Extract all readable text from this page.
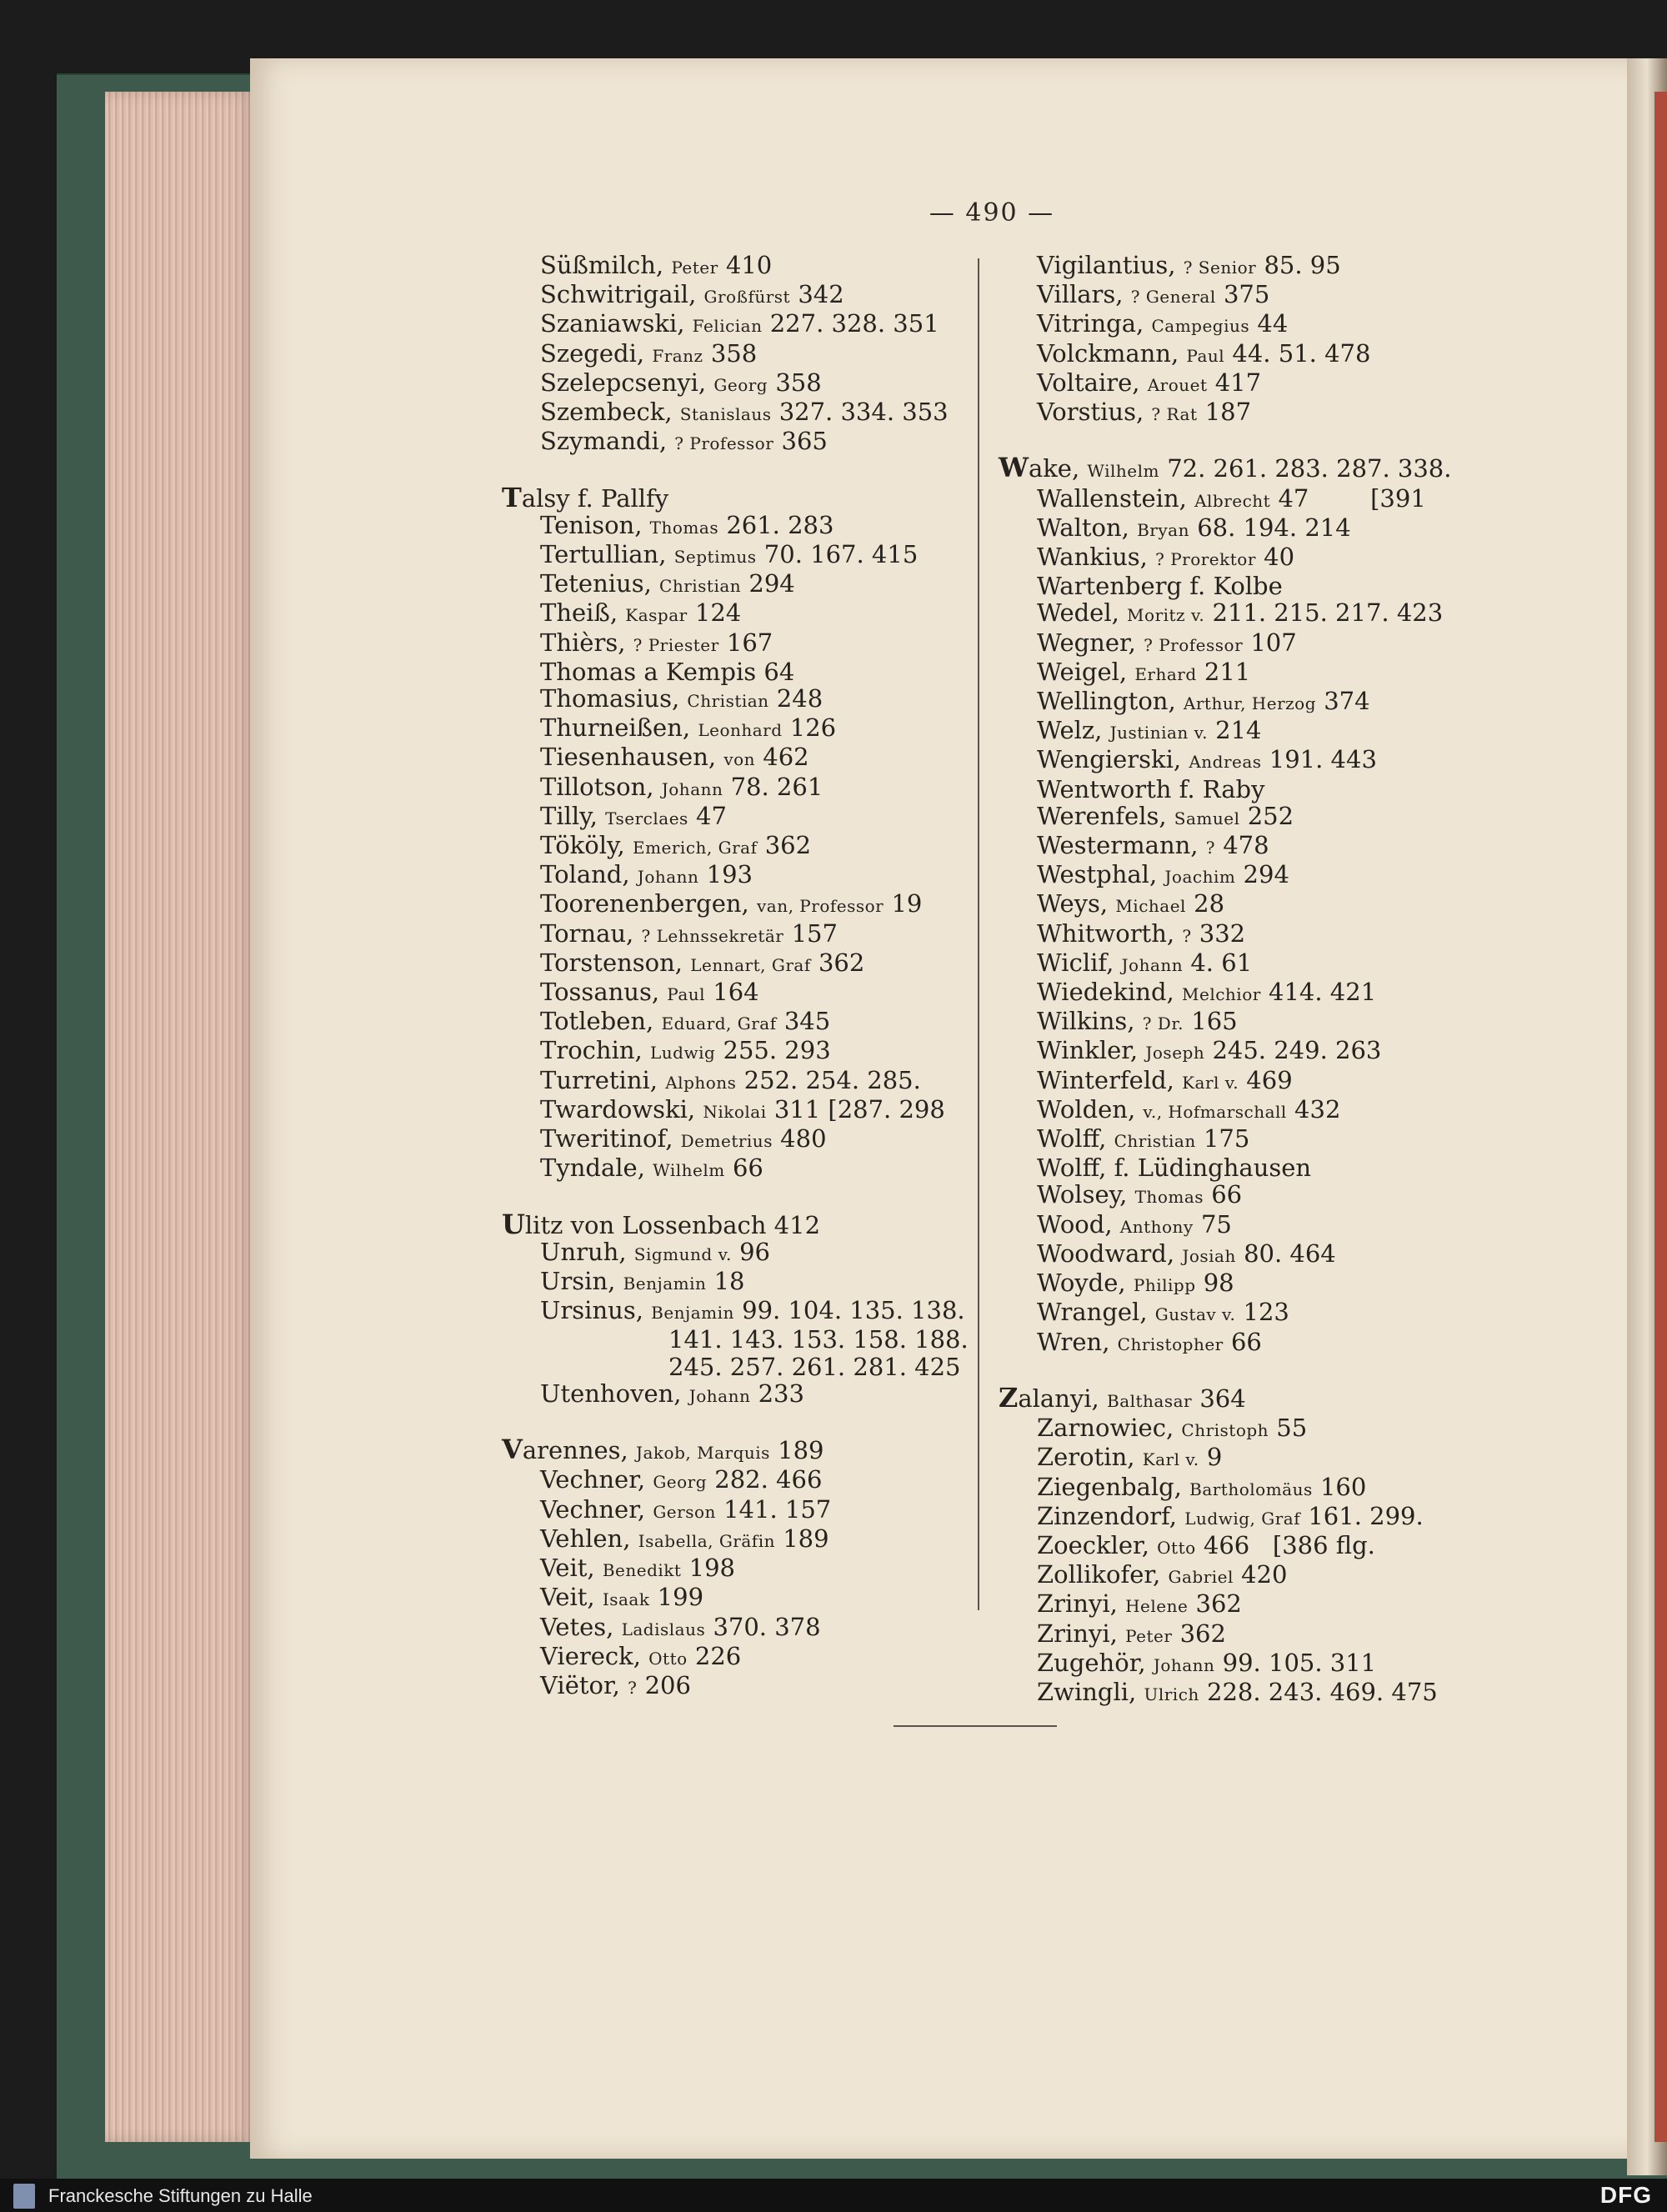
— 490 —
Süßmilch, Peter 410
Schwitrigail, Großfürst 342
Szaniawski, Felician 227. 328. 351
Szegedi, Franz 358
Szelepcsenyi, Georg 358
Szembeck, Stanislaus 327. 334. 353
Szymandi, ? Professor 365
Talsy f. Pallfy
Tenison, Thomas 261. 283
Tertullian, Septimus 70. 167. 415
Tetenius, Christian 294
Theiß, Kaspar 124
Thièrs, ? Priester 167
Thomas a Kempis 64
Thomasius, Christian 248
Thurneißen, Leonhard 126
Tiesenhausen, von 462
Tillotson, Johann 78. 261
Tilly, Tserclaes 47
Tököly, Emerich, Graf 362
Toland, Johann 193
Toorenenbergen, van, Professor 19
Tornau, ? Lehnssekretär 157
Torstenson, Lennart, Graf 362
Tossanus, Paul 164
Totleben, Eduard, Graf 345
Trochin, Ludwig 255. 293
Turretini, Alphons 252. 254. 285.
Twardowski, Nikolai 311 [287. 298
Tweritinof, Demetrius 480
Tyndale, Wilhelm 66
Ulitz von Lossenbach 412
Unruh, Sigmund v. 96
Ursin, Benjamin 18
Ursinus, Benjamin 99. 104. 135. 138.
141. 143. 153. 158. 188.
245. 257. 261. 281. 425
Utenhoven, Johann 233
Varennes, Jakob, Marquis 189
Vechner, Georg 282. 466
Vechner, Gerson 141. 157
Vehlen, Isabella, Gräfin 189
Veit, Benedikt 198
Veit, Isaak 199
Vetes, Ladislaus 370. 378
Viereck, Otto 226
Viëtor, ? 206
Vigilantius, ? Senior 85. 95
Villars, ? General 375
Vitringa, Campegius 44
Volckmann, Paul 44. 51. 478
Voltaire, Arouet 417
Vorstius, ? Rat 187
Wake, Wilhelm 72. 261. 283. 287. 338.
Wallenstein, Albrecht 47        [391
Walton, Bryan 68. 194. 214
Wankius, ? Prorektor 40
Wartenberg f. Kolbe
Wedel, Moritz v. 211. 215. 217. 423
Wegner, ? Professor 107
Weigel, Erhard 211
Wellington, Arthur, Herzog 374
Welz, Justinian v. 214
Wengierski, Andreas 191. 443
Wentworth f. Raby
Werenfels, Samuel 252
Westermann, ? 478
Westphal, Joachim 294
Weys, Michael 28
Whitworth, ? 332
Wiclif, Johann 4. 61
Wiedekind, Melchior 414. 421
Wilkins, ? Dr. 165
Winkler, Joseph 245. 249. 263
Winterfeld, Karl v. 469
Wolden, v., Hofmarschall 432
Wolff, Christian 175
Wolff, f. Lüdinghausen
Wolsey, Thomas 66
Wood, Anthony 75
Woodward, Josiah 80. 464
Woyde, Philipp 98
Wrangel, Gustav v. 123
Wren, Christopher 66
Zalanyi, Balthasar 364
Zarnowiec, Christoph 55
Zerotin, Karl v. 9
Ziegenbalg, Bartholomäus 160
Zinzendorf, Ludwig, Graf 161. 299.
Zoeckler, Otto 466   [386 flg.
Zollikofer, Gabriel 420
Zrinyi, Helene 362
Zrinyi, Peter 362
Zugehör, Johann 99. 105. 311
Zwingli, Ulrich 228. 243. 469. 475
Franckesche Stiftungen zu Halle	DFG
